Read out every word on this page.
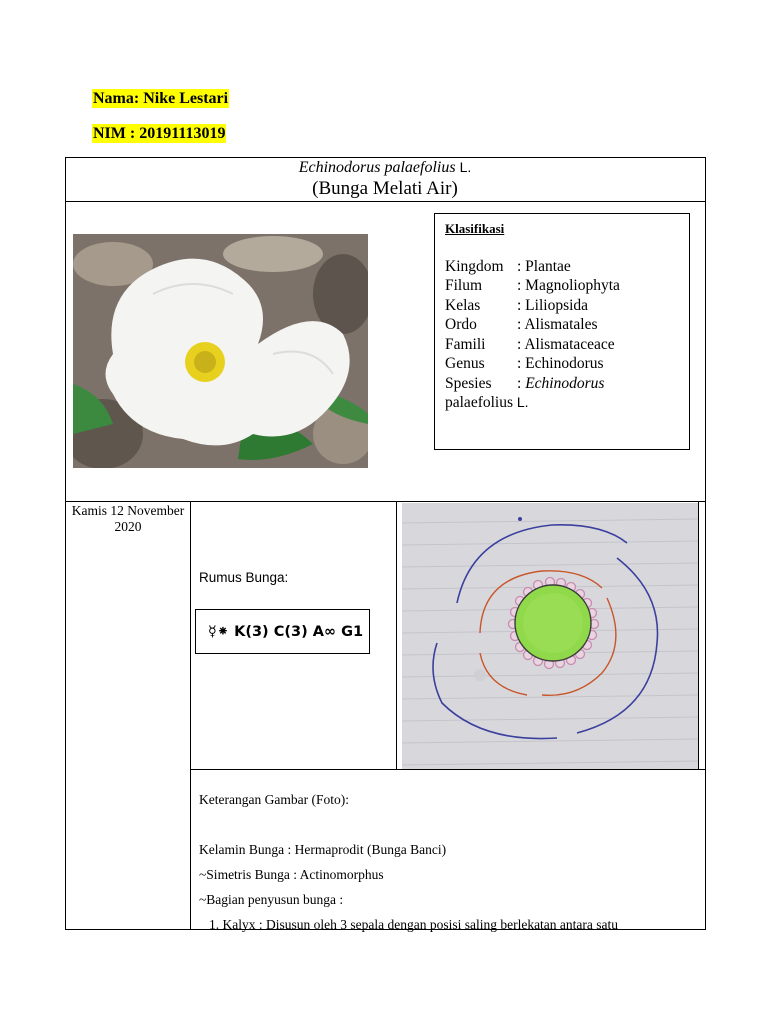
Nama: Nike Lestari
NIM : 20191113019
Echinodorus palaefolius L.
(Bunga Melati Air)
Klasifikasi
Kingdom : Plantae
Filum	: Magnoliophyta
Kelas	: Liliopsida
Ordo	: Alismatales
Famili	: Alismataceace
Genus	: Echinodorus
Spesies	:
Echinodorus
palaefolius L.
Kamis 12 November 2020
Rumus Bunga:
☿⁕ K(3) C(3) A∞ G1

Keterangan Gambar (Foto):

Kelamin Bunga : Hermaprodit (Bunga Banci)

~Simetris Bunga : Actinomorphus

~Bagian penyusun bunga :

1. Kalyx : Disusun oleh 3 sepala dengan posisi saling berlekatan antara satu
